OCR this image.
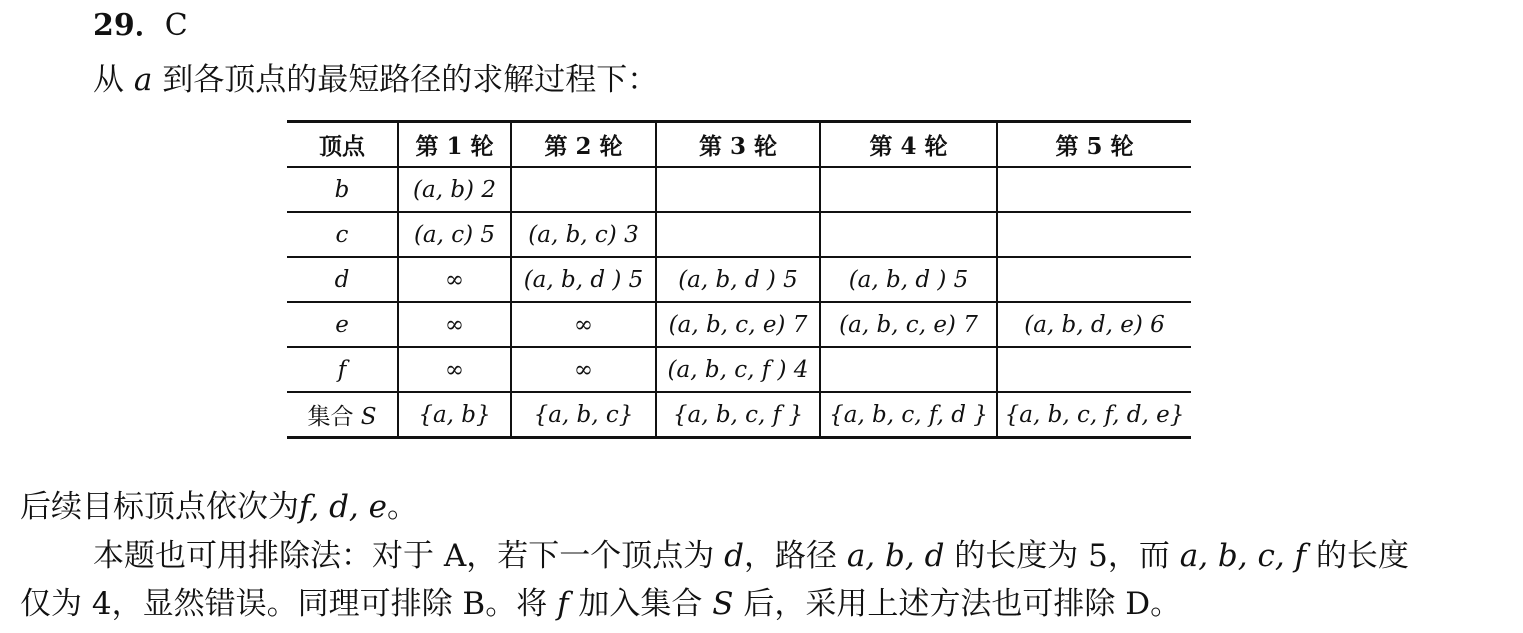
29．C
从 a 到各顶点的最短路径的求解过程下：
顶点	第 1 轮	第 2 轮	第 3 轮	第 4 轮	第 5 轮
b	(a, b) 2				
c	(a, c) 5	(a, b, c) 3			
d	∞	(a, b, d ) 5	(a, b, d ) 5	(a, b, d ) 5	
e	∞	∞	(a, b, c, e) 7	(a, b, c, e) 7	(a, b, d, e) 6
f	∞	∞	(a, b, c, f ) 4		
集合 S	{a, b}	{a, b, c}	{a, b, c, f }	{a, b, c, f, d }	{a, b, c, f, d, e}
后续目标顶点依次为f, d, e。
本题也可用排除法：对于 A，若下一个顶点为 d，路径 a, b, d 的长度为 5，而 a, b, c, f 的长度
仅为 4，显然错误。同理可排除 B。将 f 加入集合 S 后，采用上述方法也可排除 D。
